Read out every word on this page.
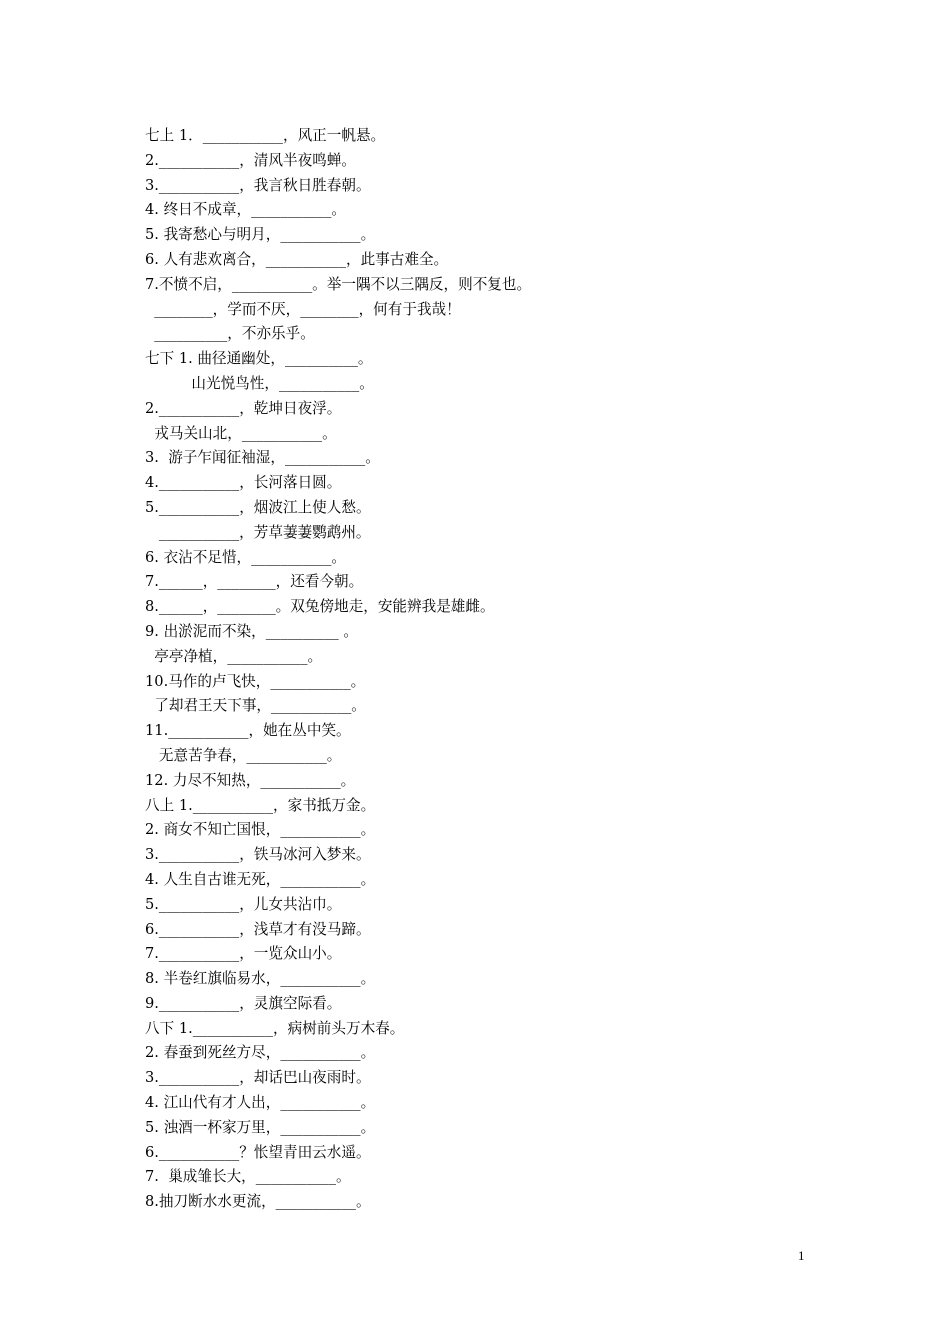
七上 1．___________，风正一帆悬。
2.___________，清风半夜鸣蝉。
3.___________，我言秋日胜春朝。
4. 终日不成章，___________。
5. 我寄愁心与明月，___________。
6. 人有悲欢离合，___________，此事古难全。
7.不愤不启，___________。举一隅不以三隅反，则不复也。
________，学而不厌，________，何有于我哉！
__________，不亦乐乎。
七下 1. 曲径通幽处，__________。
山光悦鸟性，___________。
2.___________，乾坤日夜浮。
戎马关山北，___________。
3.  游子乍闻征袖湿，___________。
4.___________，长河落日圆。
5.___________，烟波江上使人愁。
___________，芳草萋萋鹦鹉州。
6. 衣沾不足惜，___________。
7.______，________，还看今朝。
8.______，________。双兔傍地走，安能辨我是雄雌。
9. 出淤泥而不染，__________ 。
亭亭净植，___________。
10.马作的卢飞快，___________。
了却君王天下事，___________。
11.___________，她在丛中笑。
无意苦争春，___________。
12. 力尽不知热，___________。
八上 1.___________，家书抵万金。
2. 商女不知亡国恨，___________。
3.___________，铁马冰河入梦来。
4. 人生自古谁无死，___________。
5.___________，儿女共沾巾。
6.___________，浅草才有没马蹄。
7.___________，一览众山小。
8. 半卷红旗临易水，___________。
9.___________，灵旗空际看。
八下 1.___________，病树前头万木春。
2. 春蚕到死丝方尽，___________。
3.___________，却话巴山夜雨时。
4. 江山代有才人出，___________。
5. 浊酒一杯家万里，___________。
6.___________？怅望青田云水遥。
7.  巢成雏长大，___________。
8.抽刀断水水更流，___________。
1
